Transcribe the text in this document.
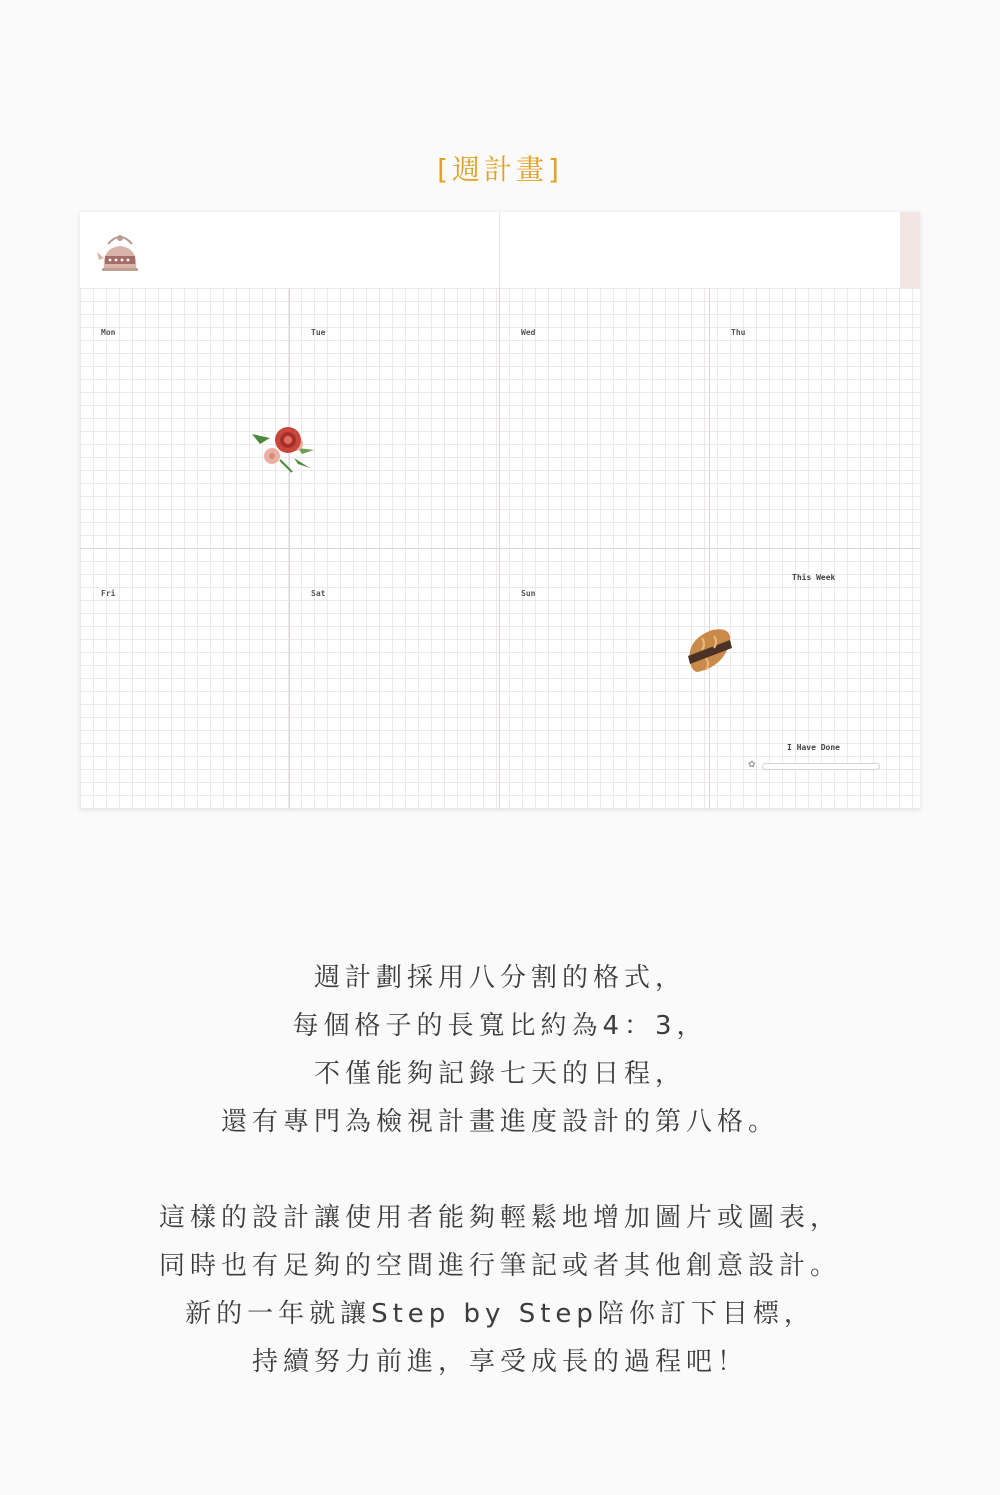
[週計畫]
Mon	Tue	Wed	Thu
Fri	Sat	Sun
This Week
I Have Done
✿
週計劃採用八分割的格式，
每個格子的長寬比約為4：3，
不僅能夠記錄七天的日程，
還有專門為檢視計畫進度設計的第八格。
這樣的設計讓使用者能夠輕鬆地增加圖片或圖表，
同時也有足夠的空間進行筆記或者其他創意設計。
新的一年就讓Step by Step陪你訂下目標，
持續努力前進，享受成長的過程吧！
